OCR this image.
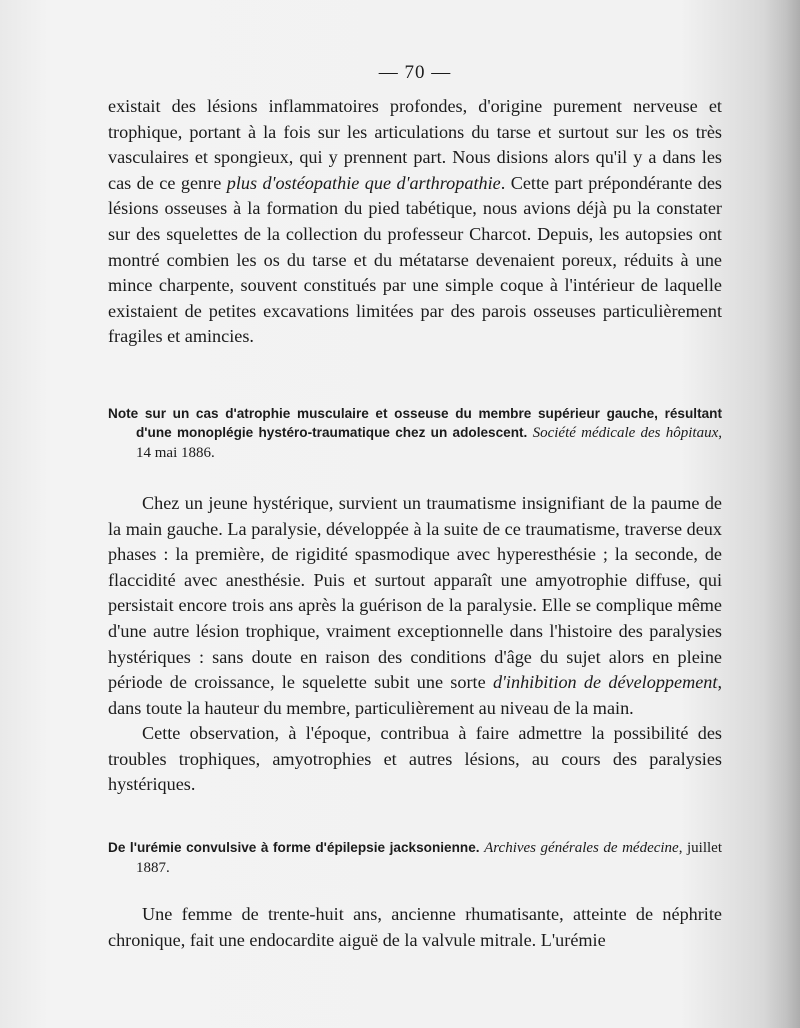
— 70 —

existait des lésions inflammatoires profondes, d'origine purement nerveuse et trophique, portant à la fois sur les articulations du tarse et surtout sur les os très vasculaires et spongieux, qui y prennent part. Nous disions alors qu'il y a dans les cas de ce genre plus d'ostéopathie que d'arthropathie. Cette part prépondérante des lésions osseuses à la formation du pied tabétique, nous avions déjà pu la constater sur des squelettes de la collection du professeur Charcot. Depuis, les autopsies ont montré combien les os du tarse et du métatarse devenaient poreux, réduits à une mince charpente, souvent constitués par une simple coque à l'intérieur de laquelle existaient de petites excavations limitées par des parois osseuses particulièrement fragiles et amincies.

Note sur un cas d'atrophie musculaire et osseuse du membre supérieur gauche, résultant d'une monoplégie hystéro-traumatique chez un adolescent. Société médicale des hôpitaux, 14 mai 1886.

Chez un jeune hystérique, survient un traumatisme insignifiant de la paume de la main gauche. La paralysie, développée à la suite de ce traumatisme, traverse deux phases : la première, de rigidité spasmodique avec hyperesthésie ; la seconde, de flaccidité avec anesthésie. Puis et surtout apparaît une amyotrophie diffuse, qui persistait encore trois ans après la guérison de la paralysie. Elle se complique même d'une autre lésion trophique, vraiment exceptionnelle dans l'histoire des paralysies hystériques : sans doute en raison des conditions d'âge du sujet alors en pleine période de croissance, le squelette subit une sorte d'inhibition de développement, dans toute la hauteur du membre, particulièrement au niveau de la main.

Cette observation, à l'époque, contribua à faire admettre la possibilité des troubles trophiques, amyotrophies et autres lésions, au cours des paralysies hystériques.

De l'urémie convulsive à forme d'épilepsie jacksonienne. Archives générales de médecine, juillet 1887.

Une femme de trente-huit ans, ancienne rhumatisante, atteinte de néphrite chronique, fait une endocardite aiguë de la valvule mitrale. L'urémie
